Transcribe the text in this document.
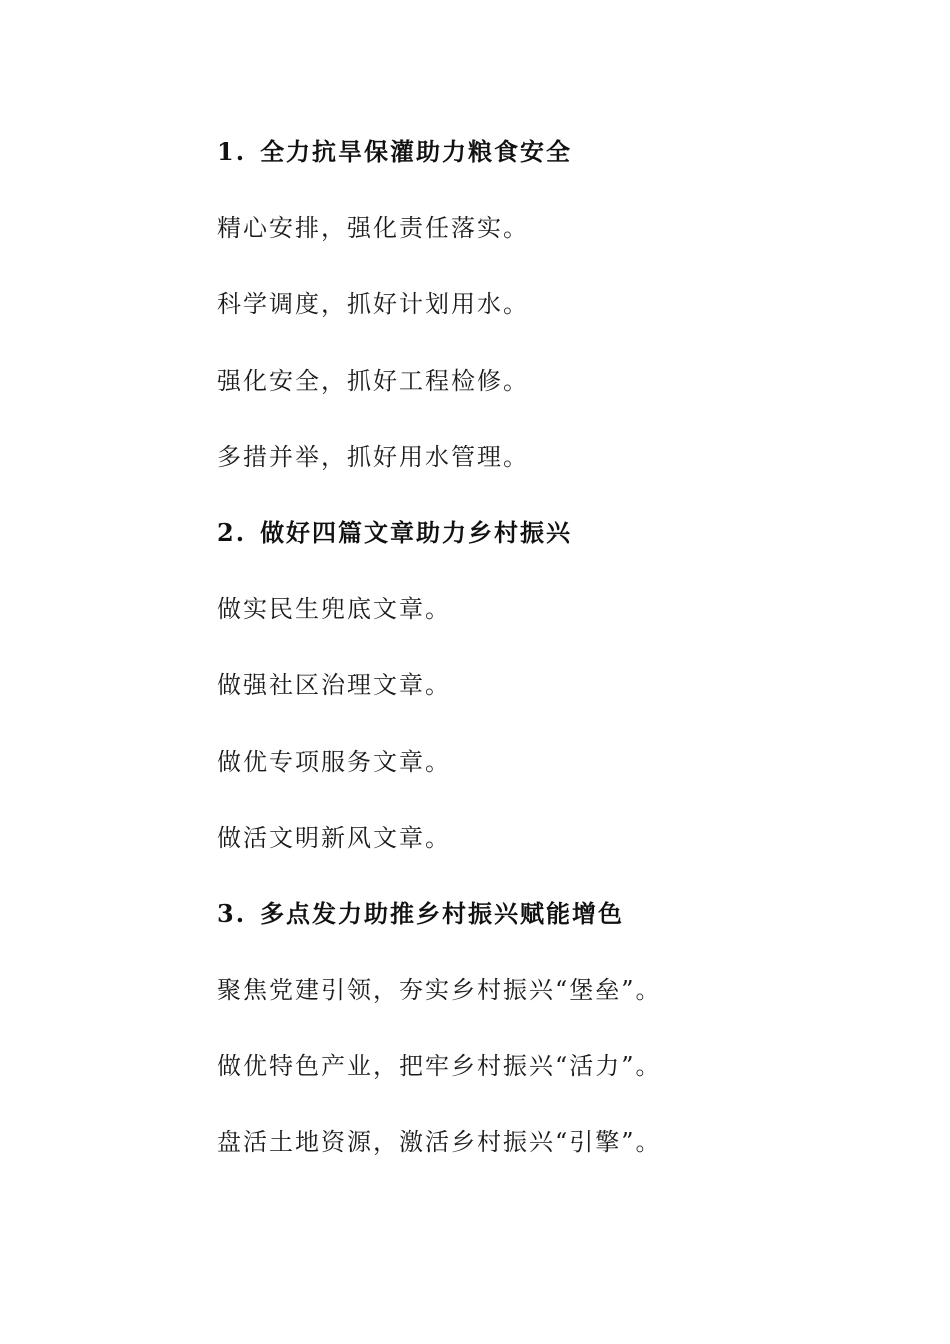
1. 全力抗旱保灌助力粮食安全
精心安排，强化责任落实。
科学调度，抓好计划用水。
强化安全，抓好工程检修。
多措并举，抓好用水管理。
2. 做好四篇文章助力乡村振兴
做实民生兜底文章。
做强社区治理文章。
做优专项服务文章。
做活文明新风文章。
3. 多点发力助推乡村振兴赋能增色
聚焦党建引领，夯实乡村振兴“堡垒”。
做优特色产业，把牢乡村振兴“活力”。
盘活土地资源，激活乡村振兴“引擎”。
